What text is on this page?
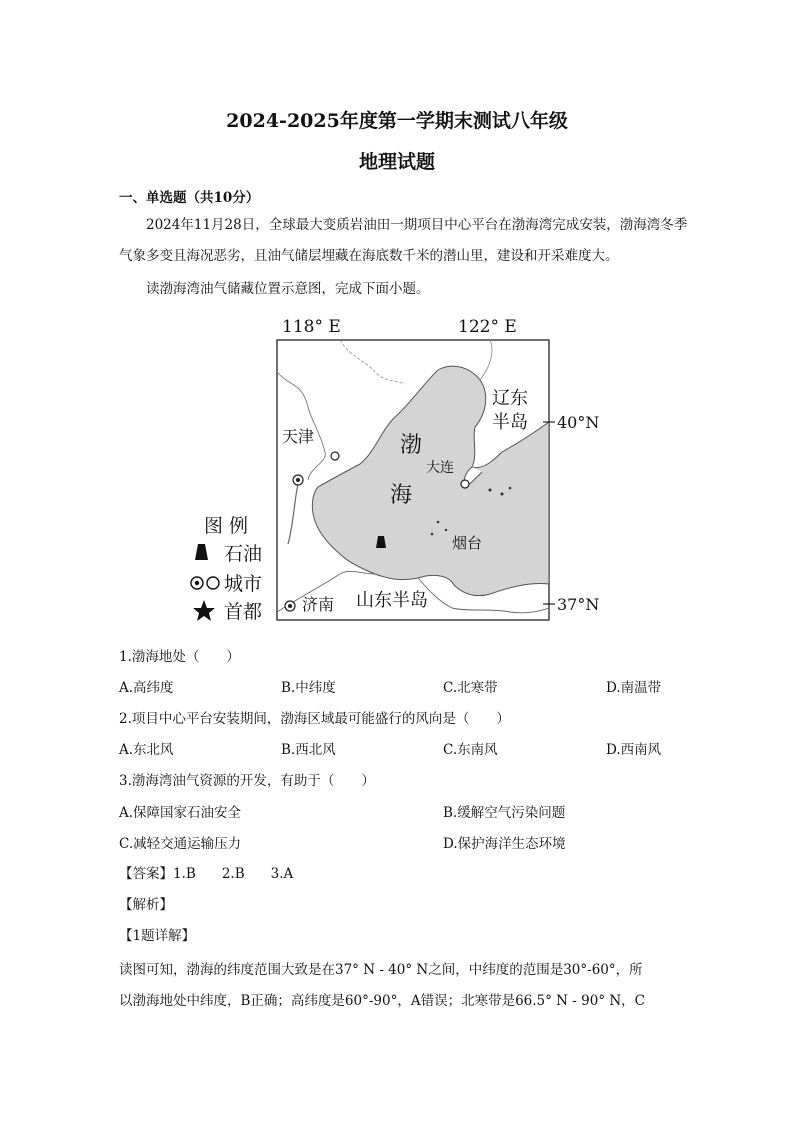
2024-2025年度第一学期末测试八年级
地理试题
一、单选题（共10分）
2024年11月28日，全球最大变质岩油田一期项目中心平台在渤海湾完成安装，渤海湾冬季气象多变且海况恶劣，且油气储层埋藏在海底数千米的潜山里，建设和开采难度大。
读渤海湾油气储藏位置示意图，完成下面小题。
118° E	122° E
40°N
37°N
渤
海
辽东
半岛
山东半岛
天津
大连
烟台
济南
图 例
石油
城市
首都
1.渤海地处（　　）
A.高纬度	B.中纬度	C.北寒带	D.南温带
2.项目中心平台安装期间，渤海区域最可能盛行的风向是（　　）
A.东北风	B.西北风	C.东南风	D.西南风
3.渤海湾油气资源的开发，有助于（　　）
A.保障国家石油安全	B.缓解空气污染问题
C.减轻交通运输压力	D.保护海洋生态环境
【答案】1.B 2.B 3.A
【解析】
【1题详解】
读图可知，渤海的纬度范围大致是在37° N - 40° N之间，中纬度的范围是30°-60°，所
以渤海地处中纬度，B正确；高纬度是60°-90°，A错误；北寒带是66.5° N - 90° N，C
